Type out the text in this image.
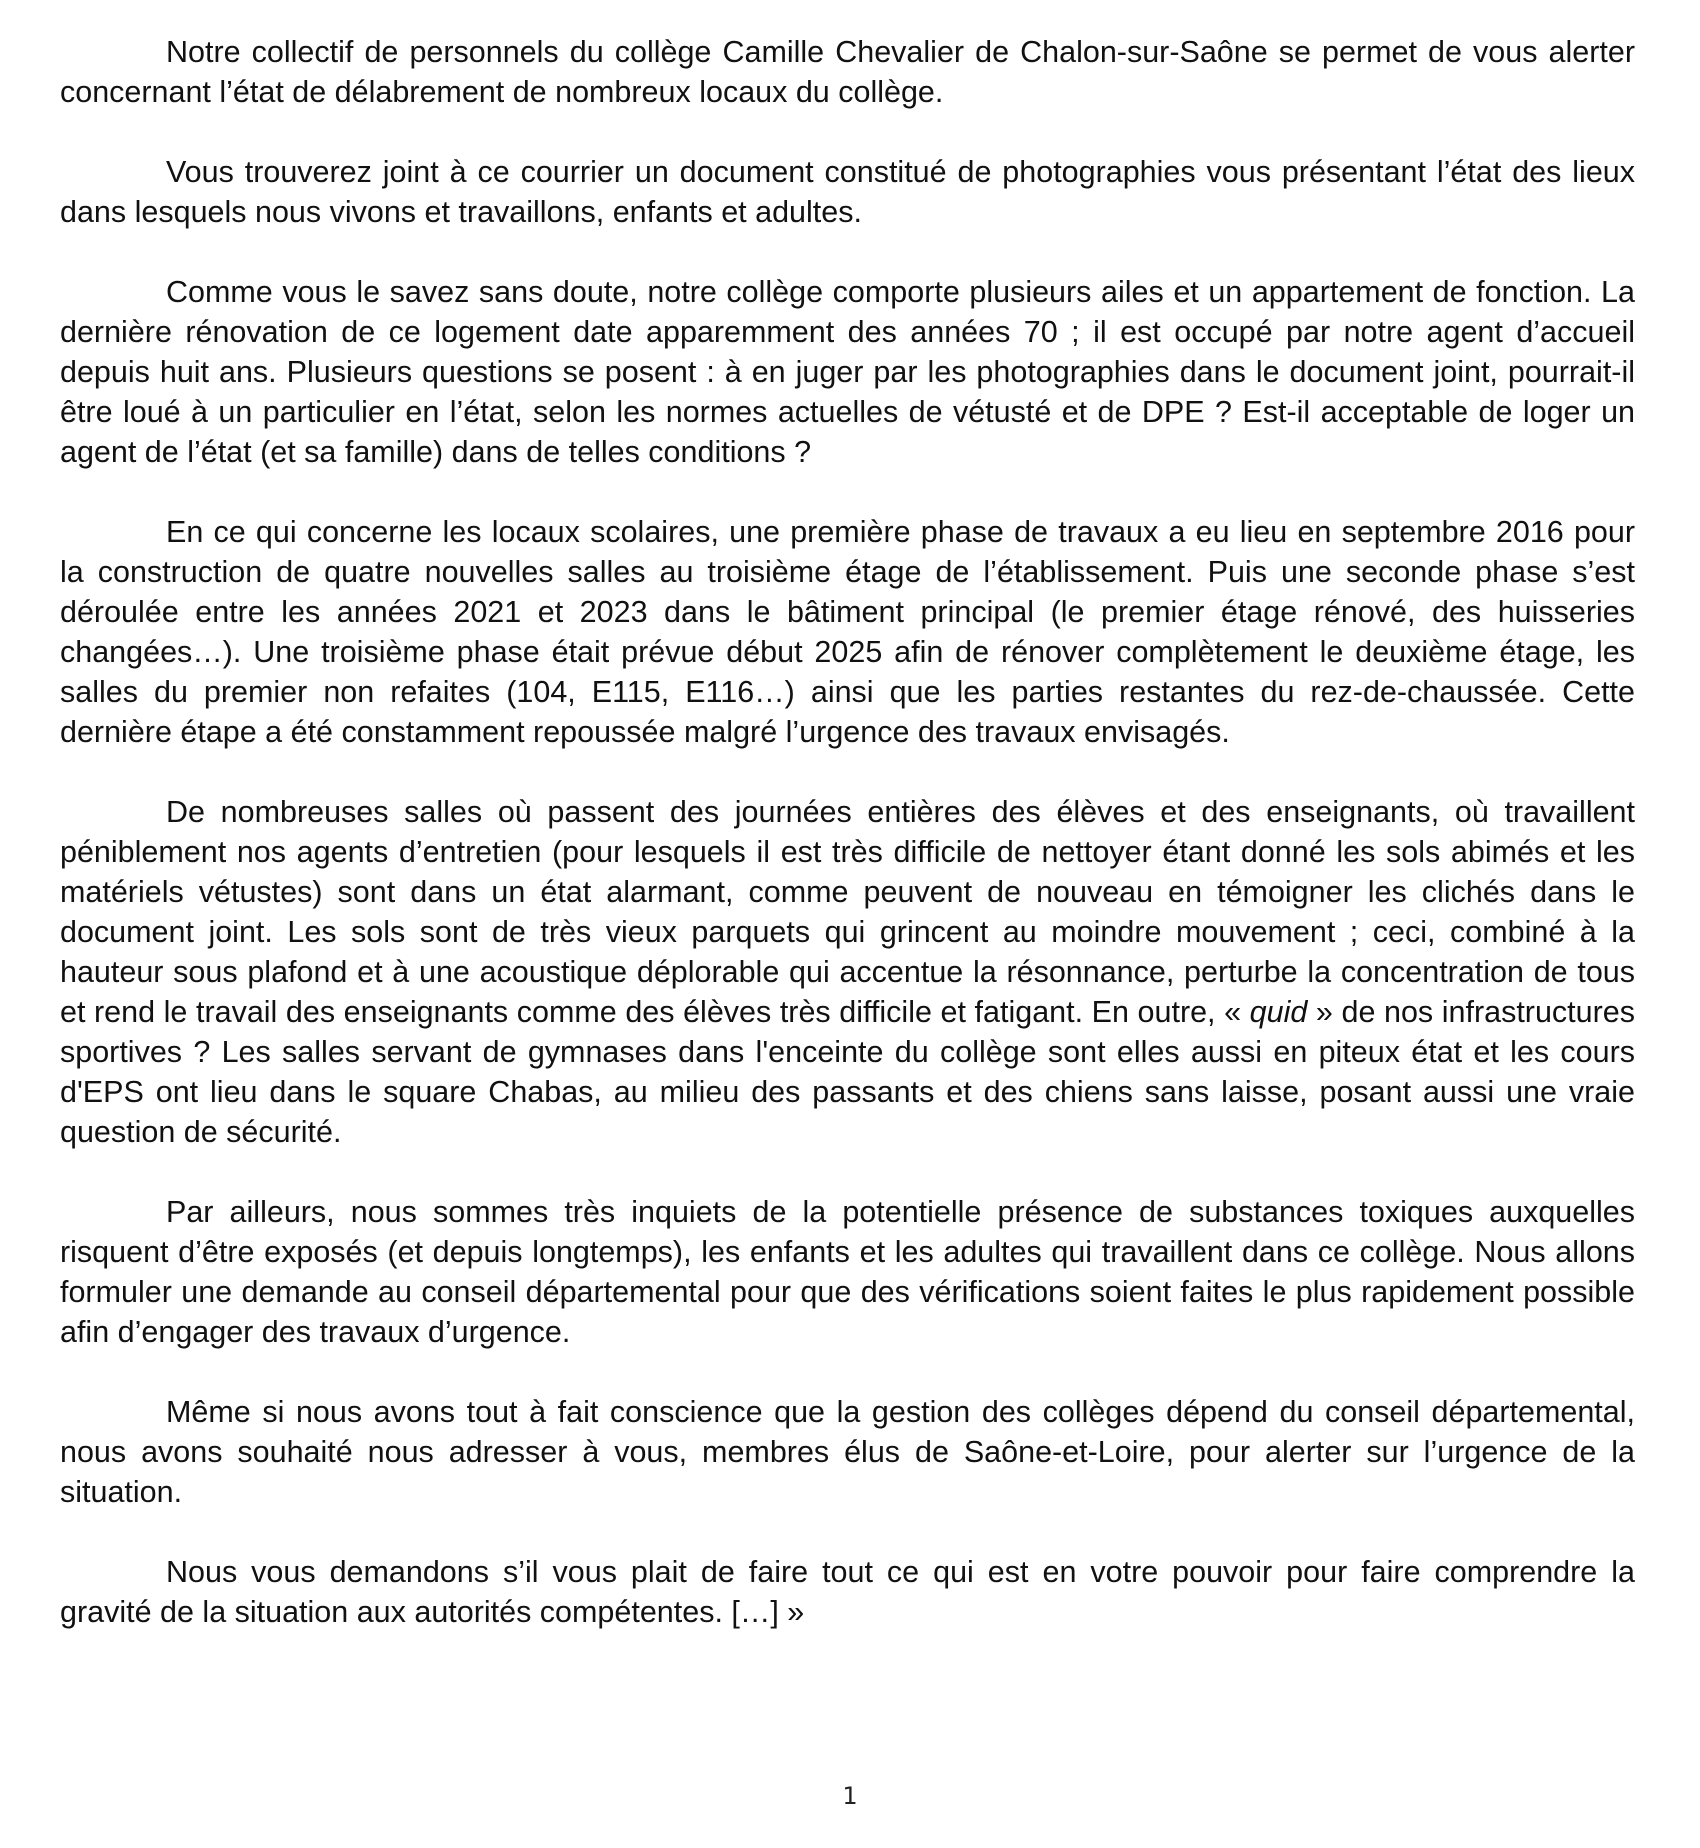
Notre collectif de personnels du collège Camille Chevalier de Chalon-sur-Saône se permet de vous alerter concernant l’état de délabrement de nombreux locaux du collège.

Vous trouverez joint à ce courrier un document constitué de photographies vous présentant l’état des lieux dans lesquels nous vivons et travaillons, enfants et adultes.

Comme vous le savez sans doute, notre collège comporte plusieurs ailes et un appartement de fonction. La dernière rénovation de ce logement date apparemment des années 70 ; il est occupé par notre agent d’accueil depuis huit ans. Plusieurs questions se posent : à en juger par les photographies dans le document joint, pourrait-il être loué à un particulier en l’état, selon les normes actuelles de vétusté et de DPE ? Est-il acceptable de loger un agent de l’état (et sa famille) dans de telles conditions ?

En ce qui concerne les locaux scolaires, une première phase de travaux a eu lieu en septembre 2016 pour la construction de quatre nouvelles salles au troisième étage de l’établissement. Puis une seconde phase s’est déroulée entre les années 2021 et 2023 dans le bâtiment principal (le premier étage rénové, des huisseries changées…). Une troisième phase était prévue début 2025 afin de rénover complètement le deuxième étage, les salles du premier non refaites (104, E115, E116…) ainsi que les parties restantes du rez-de-chaussée. Cette dernière étape a été constamment repoussée malgré l’urgence des travaux envisagés.

De nombreuses salles où passent des journées entières des élèves et des enseignants, où travaillent péniblement nos agents d’entretien (pour lesquels il est très difficile de nettoyer étant donné les sols abimés et les matériels vétustes) sont dans un état alarmant, comme peuvent de nouveau en témoigner les clichés dans le document joint. Les sols sont de très vieux parquets qui grincent au moindre mouvement ; ceci, combiné à la hauteur sous plafond et à une acoustique déplorable qui accentue la résonnance, perturbe la concentration de tous et rend le travail des enseignants comme des élèves très difficile et fatigant. En outre, « quid » de nos infrastructures sportives ? Les salles servant de gymnases dans l'enceinte du collège sont elles aussi en piteux état et les cours d'EPS ont lieu dans le square Chabas, au milieu des passants et des chiens sans laisse, posant aussi une vraie question de sécurité.

Par ailleurs, nous sommes très inquiets de la potentielle présence de substances toxiques auxquelles risquent d’être exposés (et depuis longtemps), les enfants et les adultes qui travaillent dans ce collège. Nous allons formuler une demande au conseil départemental pour que des vérifications soient faites le plus rapidement possible afin d’engager des travaux d’urgence.

Même si nous avons tout à fait conscience que la gestion des collèges dépend du conseil départemental, nous avons souhaité nous adresser à vous, membres élus de Saône-et-Loire, pour alerter sur l’urgence de la situation.

Nous vous demandons s’il vous plait de faire tout ce qui est en votre pouvoir pour faire comprendre la gravité de la situation aux autorités compétentes. […] »

1
